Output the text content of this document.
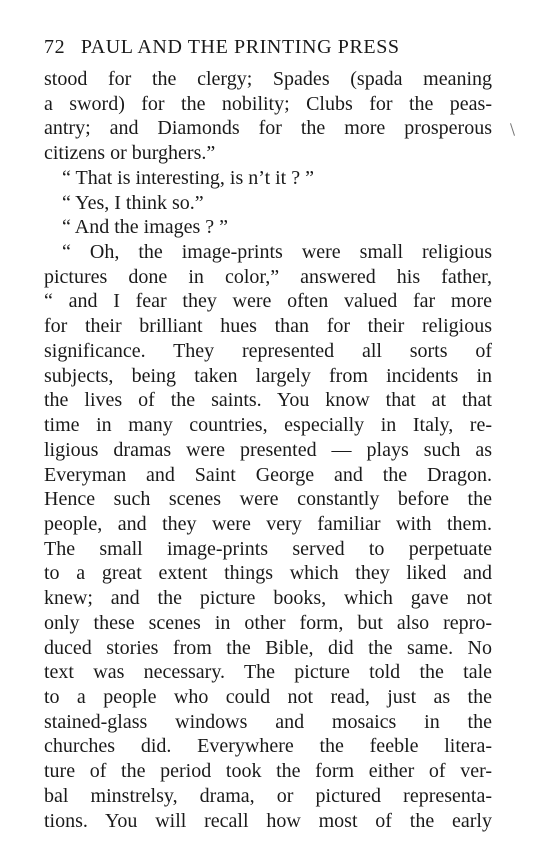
72 PAUL AND THE PRINTING PRESS
stood for the clergy; Spades (spada meaning
a sword) for the nobility; Clubs for the peas-
antry; and Diamonds for the more prosperous
citizens or burghers.”
“ That is interesting, is n’t it ? ”
“ Yes, I think so.”
“ And the images ? ”
“ Oh, the image-prints were small religious
pictures done in color,” answered his father,
“ and I fear they were often valued far more
for their brilliant hues than for their religious
significance. They represented all sorts of
subjects, being taken largely from incidents in
the lives of the saints. You know that at that
time in many countries, especially in Italy, re-
ligious dramas were presented — plays such as
Everyman and Saint George and the Dragon.
Hence such scenes were constantly before the
people, and they were very familiar with them.
The small image-prints served to perpetuate
to a great extent things which they liked and
knew; and the picture books, which gave not
only these scenes in other form, but also repro-
duced stories from the Bible, did the same. No
text was necessary. The picture told the tale
to a people who could not read, just as the
stained-glass windows and mosaics in the
churches did. Everywhere the feeble litera-
ture of the period took the form either of ver-
bal minstrelsy, drama, or pictured representa-
tions. You will recall how most of the early
